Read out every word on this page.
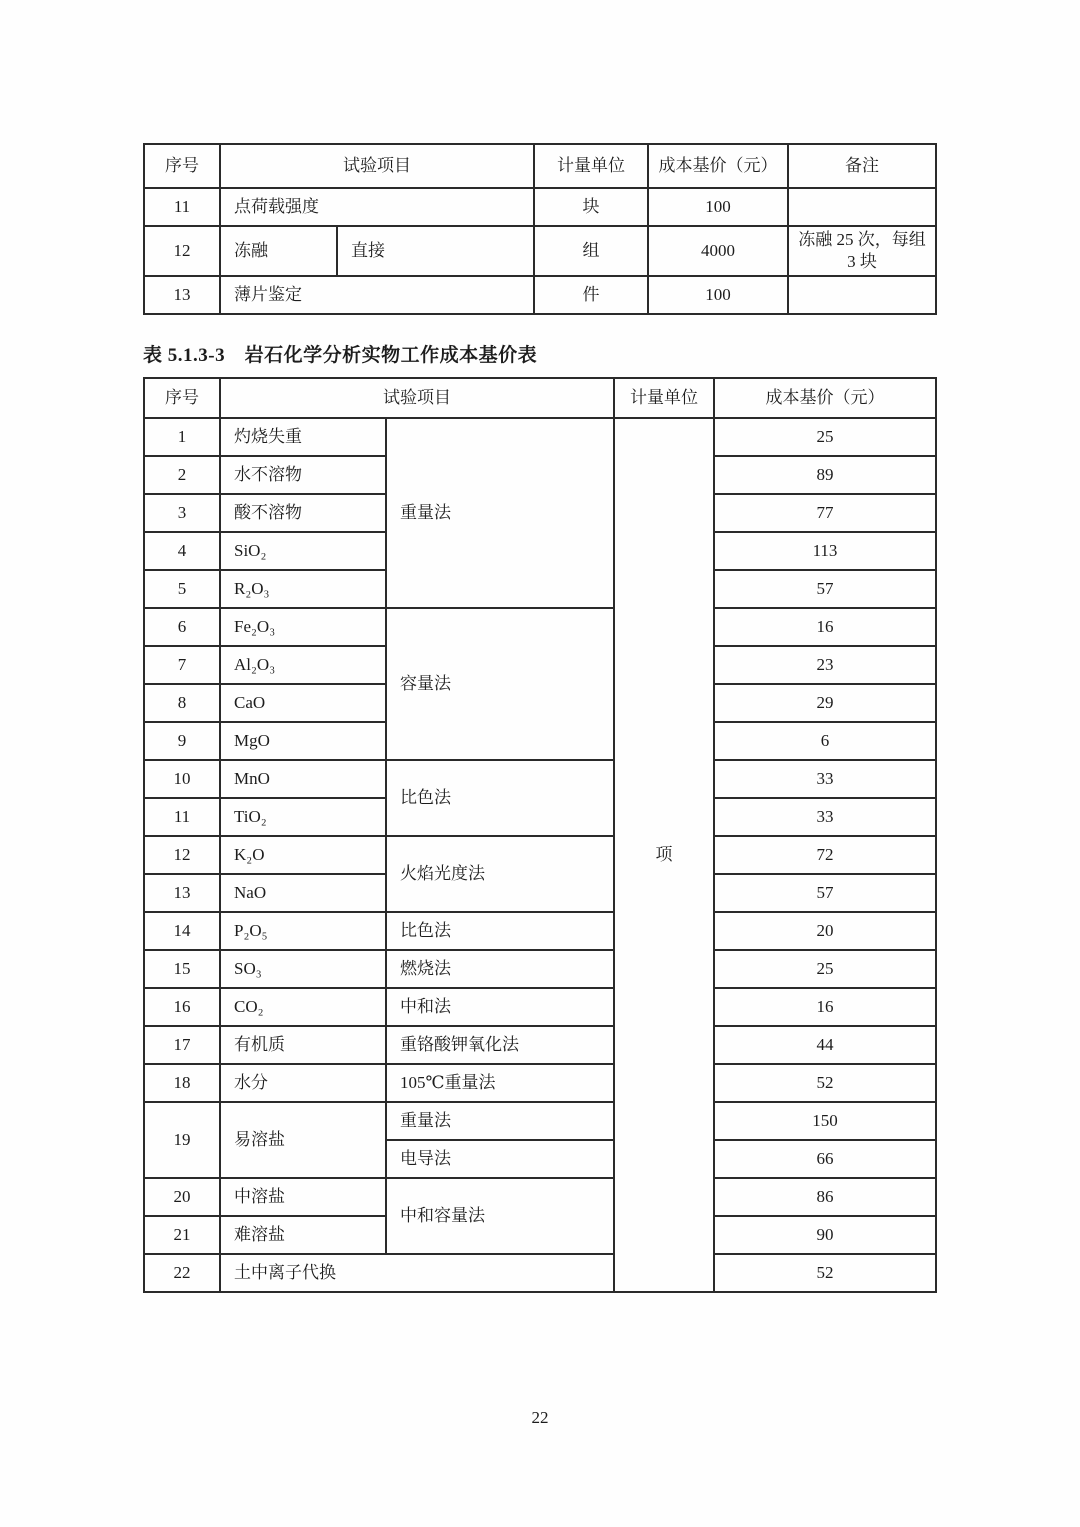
序号	试验项目		计量单位	成本基价（元）	备注
11	点荷载强度		块	100	
12	冻融	直接	组	4000	冻融 25 次，每组 3 块
13	薄片鉴定		件	100	
表 5.1.3-3　岩石化学分析实物工作成本基价表
序号	试验项目		计量单位	成本基价（元）
1	灼烧失重	重量法	项	25
2	水不溶物			89
3	酸不溶物			77
4	SiO₂			113
5	R₂O₃			57
6	Fe₂O₃	容量法		16
7	Al₂O₃			23
8	CaO			29
9	MgO			6
10	MnO	比色法		33
11	TiO₂			33
12	K₂O	火焰光度法		72
13	NaO			57
14	P₂O₅	比色法		20
15	SO₃	燃烧法		25
16	CO₂	中和法		16
17	有机质	重铬酸钾氧化法		44
18	水分	105℃重量法		52
19	易溶盐	重量法		150
		电导法		66
20	中溶盐	中和容量法		86
21	难溶盐			90
22	土中离子代换			52
22
